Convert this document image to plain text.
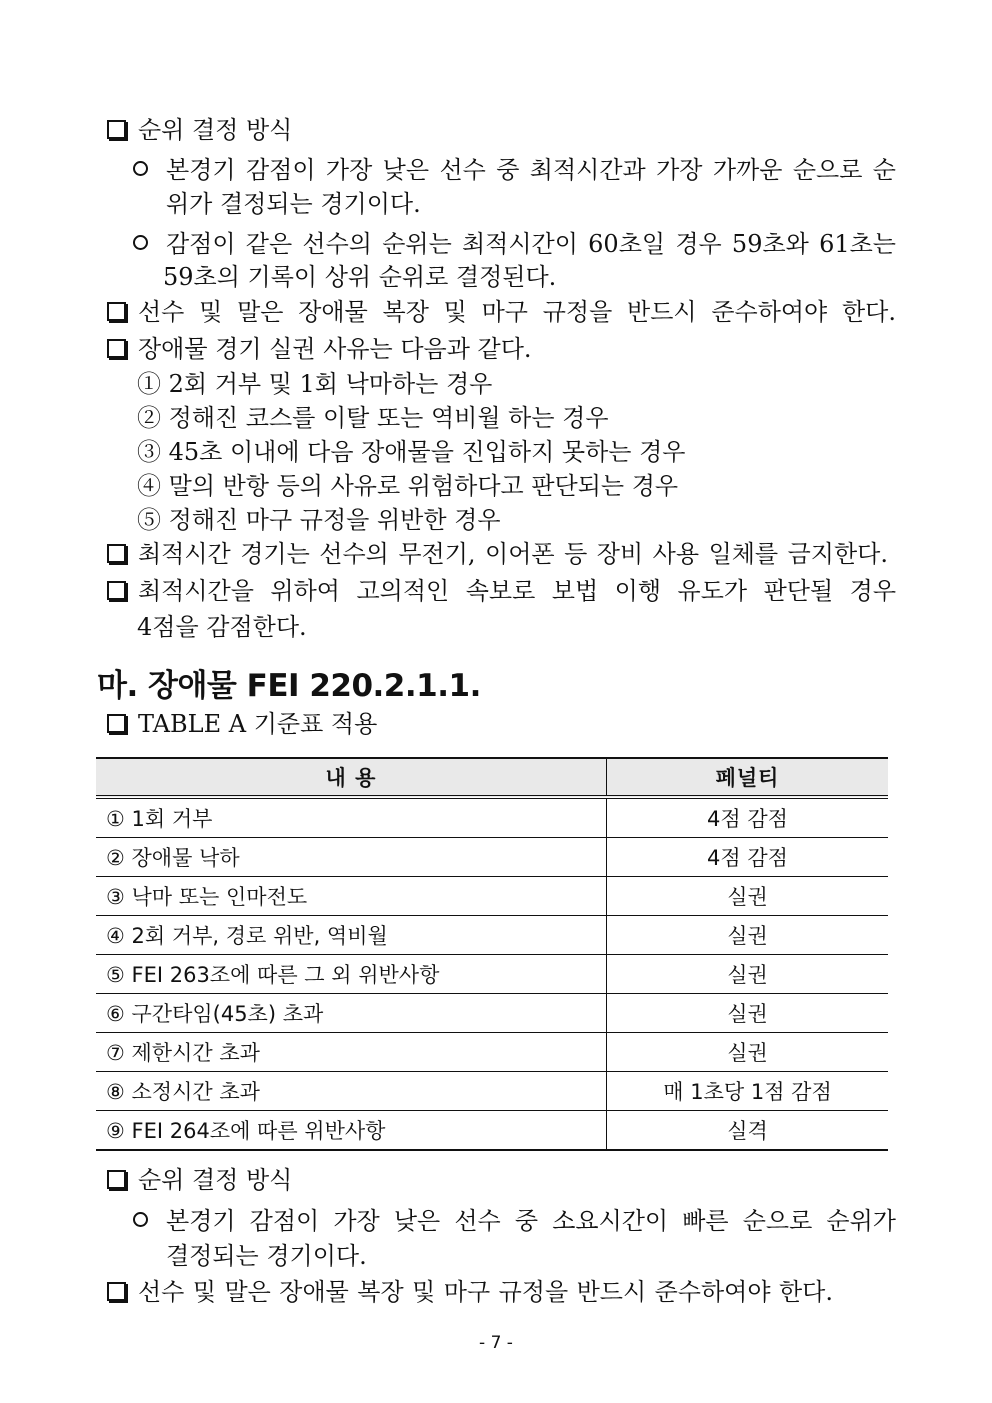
순위 결정 방식
본경기 감점이 가장 낮은 선수 중 최적시간과 가장 가까운 순으로 순
위가 결정되는 경기이다.
감점이 같은 선수의 순위는 최적시간이 60초일 경우 59초와 61초는
59초의 기록이 상위 순위로 결정된다.
선수 및 말은 장애물 복장 및 마구 규정을 반드시 준수하여야 한다.
장애물 경기 실권 사유는 다음과 같다.
① 2회 거부 및 1회 낙마하는 경우
② 정해진 코스를 이탈 또는 역비월 하는 경우
③ 45초 이내에 다음 장애물을 진입하지 못하는 경우
④ 말의 반항 등의 사유로 위험하다고 판단되는 경우
⑤ 정해진 마구 규정을 위반한 경우
최적시간 경기는 선수의 무전기, 이어폰 등 장비 사용 일체를 금지한다.
최적시간을 위하여 고의적인 속보로 보법 이행 유도가 판단될 경우
4점을 감점한다.
마. 장애물 FEI 220.2.1.1.
TABLE A 기준표 적용
내 용	페널티
① 1회 거부	4점 감점
② 장애물 낙하	4점 감점
③ 낙마 또는 인마전도	실권
④ 2회 거부, 경로 위반, 역비월	실권
⑤ FEI 263조에 따른 그 외 위반사항	실권
⑥ 구간타임(45초) 초과	실권
⑦ 제한시간 초과	실권
⑧ 소정시간 초과	매 1초당 1점 감점
⑨ FEI 264조에 따른 위반사항	실격
순위 결정 방식
본경기 감점이 가장 낮은 선수 중 소요시간이 빠른 순으로 순위가
결정되는 경기이다.
선수 및 말은 장애물 복장 및 마구 규정을 반드시 준수하여야 한다.
- 7 -
